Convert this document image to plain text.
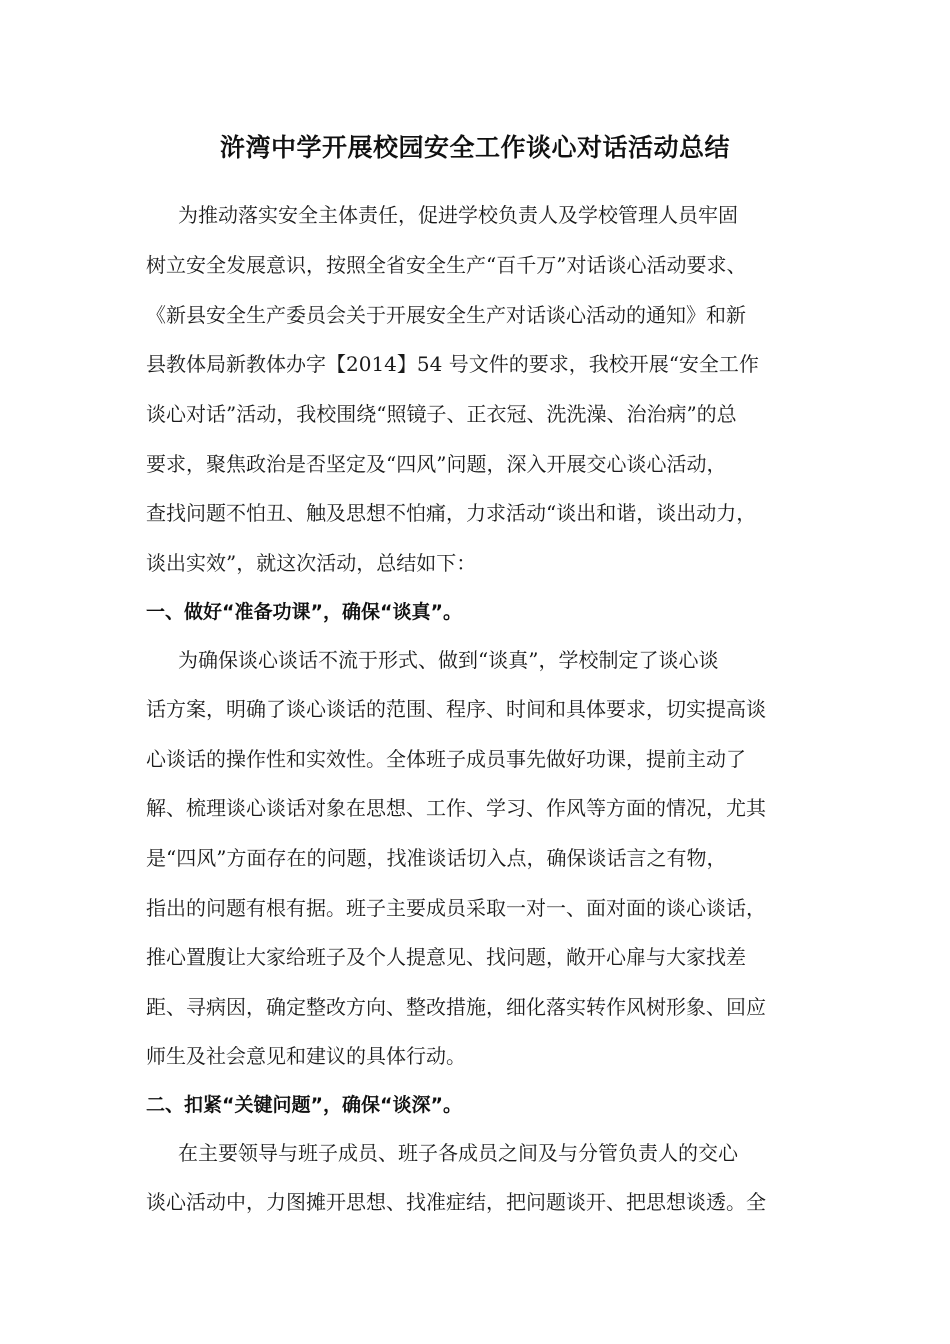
浒湾中学开展校园安全工作谈心对话活动总结
为推动落实安全主体责任，促进学校负责人及学校管理人员牢固
树立安全发展意识，按照全省安全生产“百千万”对话谈心活动要求、
《新县安全生产委员会关于开展安全生产对话谈心活动的通知》和新
县教体局新教体办字【2014】54 号文件的要求，我校开展“安全工作
谈心对话”活动，我校围绕“照镜子、正衣冠、洗洗澡、治治病”的总
要求，聚焦政治是否坚定及“四风”问题，深入开展交心谈心活动，
查找问题不怕丑、触及思想不怕痛，力求活动“谈出和谐，谈出动力，
谈出实效”，就这次活动，总结如下：
一、做好“准备功课”，确保“谈真”。
为确保谈心谈话不流于形式、做到“谈真”，学校制定了谈心谈
话方案，明确了谈心谈话的范围、程序、时间和具体要求，切实提高谈
心谈话的操作性和实效性。全体班子成员事先做好功课，提前主动了
解、梳理谈心谈话对象在思想、工作、学习、作风等方面的情况，尤其
是“四风”方面存在的问题，找准谈话切入点，确保谈话言之有物，
指出的问题有根有据。班子主要成员采取一对一、面对面的谈心谈话，
推心置腹让大家给班子及个人提意见、找问题，敞开心扉与大家找差
距、寻病因，确定整改方向、整改措施，细化落实转作风树形象、回应
师生及社会意见和建议的具体行动。
二、扣紧“关键问题”，确保“谈深”。
在主要领导与班子成员、班子各成员之间及与分管负责人的交心
谈心活动中，力图摊开思想、找准症结，把问题谈开、把思想谈透。全
